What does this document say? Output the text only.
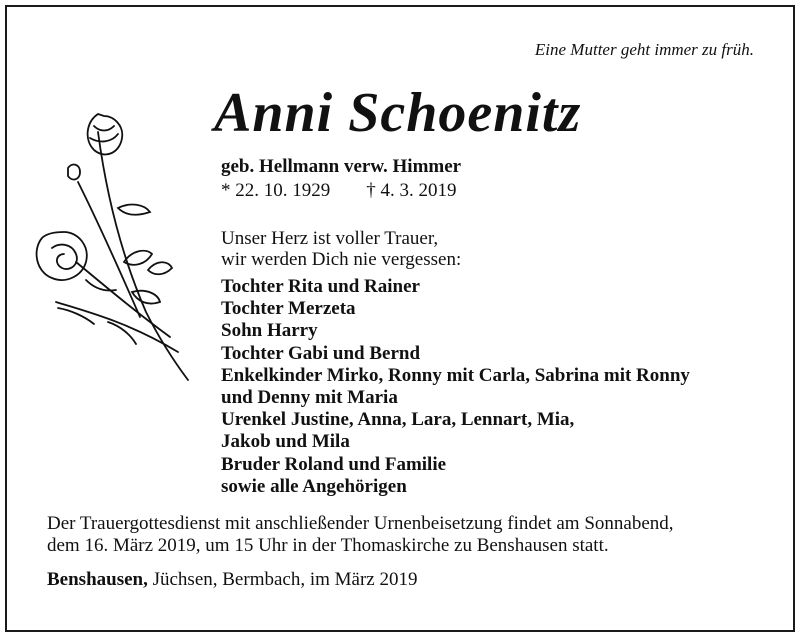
Eine Mutter geht immer zu früh.
Anni Schoenitz
geb. Hellmann verw. Himmer
* 22. 10. 1929 † 4. 3. 2019
Unser Herz ist voller Trauer,
wir werden Dich nie vergessen:
Tochter Rita und Rainer
Tochter Merzeta
Sohn Harry
Tochter Gabi und Bernd
Enkelkinder Mirko, Ronny mit Carla, Sabrina mit Ronny
und Denny mit Maria
Urenkel Justine, Anna, Lara, Lennart, Mia,
Jakob und Mila
Bruder Roland und Familie
sowie alle Angehörigen
Der Trauergottesdienst mit anschließender Urnenbeisetzung findet am Sonnabend,
dem 16. März 2019, um 15 Uhr in der Thomaskirche zu Benshausen statt.
Benshausen, Jüchsen, Bermbach, im März 2019
